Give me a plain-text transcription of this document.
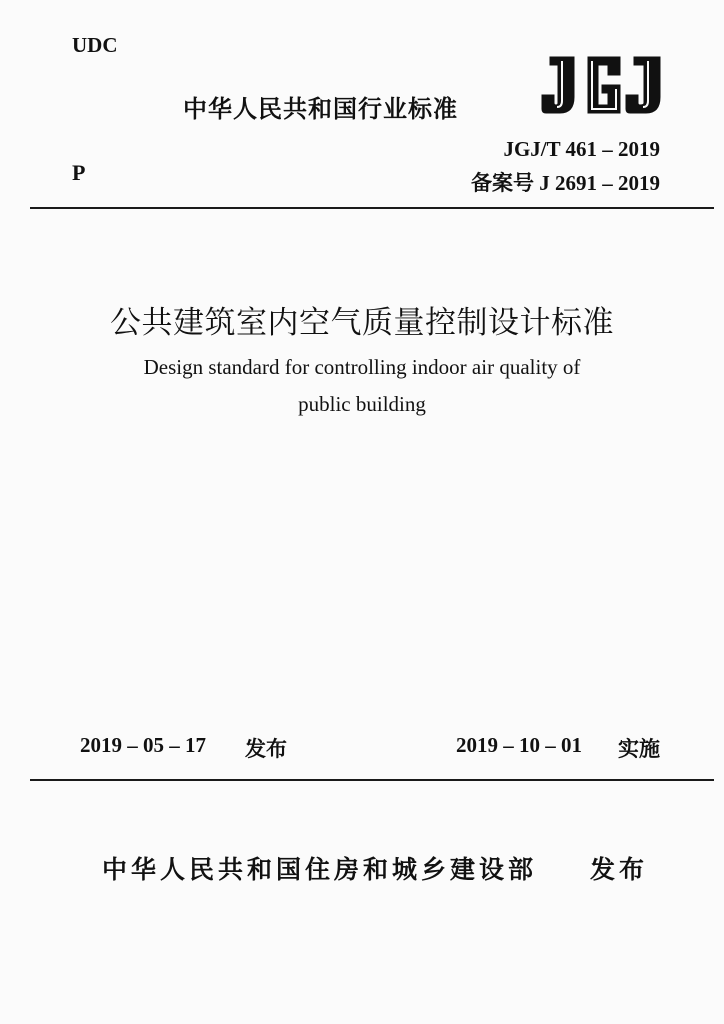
UDC
中华人民共和国行业标准
JGJ/T 461 – 2019
P	备案号 J 2691 – 2019
公共建筑室内空气质量控制设计标准
Design standard for controlling indoor air quality of
public building
2019 – 05 – 17 发布	2019 – 10 – 01 实施
中华人民共和国住房和城乡建设部 发布
